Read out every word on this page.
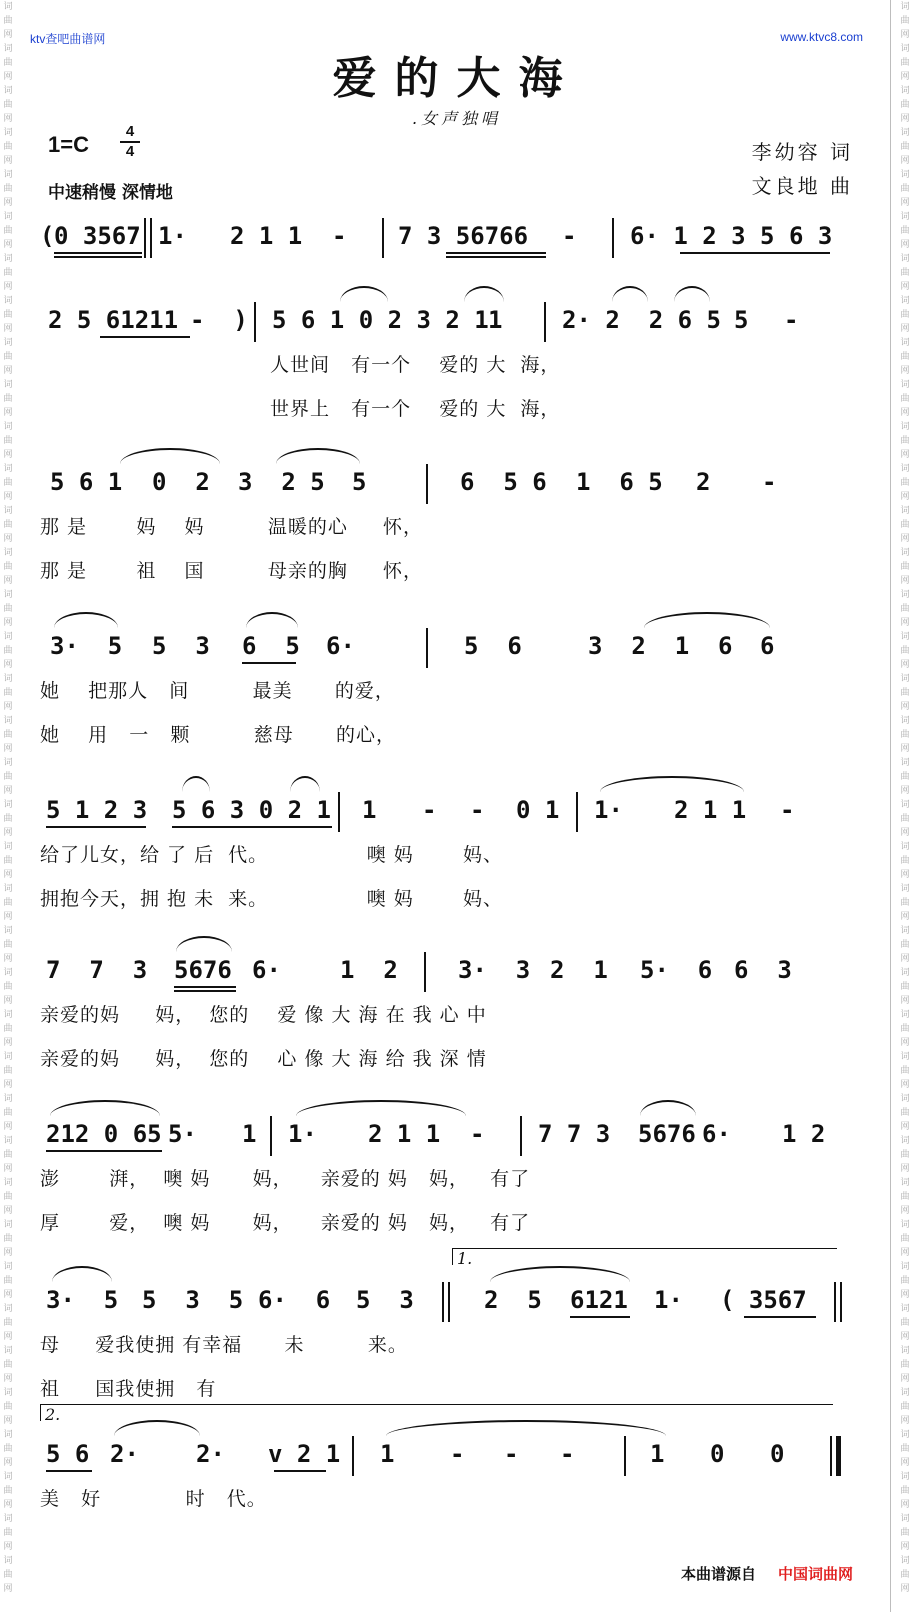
词曲网词曲网词曲网词曲网词曲网词曲网词曲网词曲网词曲网词曲网词曲网词曲网词曲网词曲网词曲网词曲网词曲网词曲网词曲网词曲网词曲网词曲网词曲网词曲网词曲网词曲网词曲网词曲网词曲网词曲网词曲网词曲网词曲网词曲网词曲网词曲网词曲网词曲网
词曲网词曲网词曲网词曲网词曲网词曲网词曲网词曲网词曲网词曲网词曲网词曲网词曲网词曲网词曲网词曲网词曲网词曲网词曲网词曲网词曲网词曲网词曲网词曲网词曲网词曲网词曲网词曲网词曲网词曲网词曲网词曲网词曲网词曲网词曲网词曲网词曲网词曲网
ktv查吧曲谱网	www.ktvc8.com
爱的大海
.女声独唱
1=C
4
4
中速稍慢 深情地
李幼容 词
文良地 曲
( 0 3567 1· 2 1 1 - 7 3 56766 - 6· 1 2 3 5 6 3
2 5 61211 -  ) 5 6 1 0 2 3 2 1 1 2· 2  2 6 5 5 -
人世间   有一个    爱的 大  海，
世界上   有一个    爱的 大  海，
5 6 1 0  2 3  2 5 5	6  5 6 1  6 5 2 -
那 是       妈    妈         温暖的心     怀，
那 是       祖    国         母亲的胸     怀，
3·  5 5  3 6  5 6·	5  6	3  2  1  6 6
她    把那人   间         最美      的爱，
她    用   一   颗         慈母      的心，
5 1 2 3 5 6 3 0 2 1 1 - - 0 1 1· 2 1 1 -
给了儿女，给 了 后  代。              噢 妈       妈、
拥抱今天，拥 抱 未  来。              噢 妈       妈、
7  7  3 5676 6· 1  2	3·  3 2  1 5·  6 6  3
亲爱的妈     妈，  您的    爱 像 大 海 在 我 心 中
亲爱的妈     妈，  您的    心 像 大 海 给 我 深 情
212 0 65 5· 1 1· 2 1 1 - 7 7 3 5676 6· 1 2
澎       湃，  噢 妈      妈，    亲爱的 妈   妈，   有了
厚       爱，  噢 妈      妈，    亲爱的 妈   妈，   有了
1.
3·  5 5  3  5 6·  6 5  3	2  5 6121 1· ( 3567
母     爱我使拥 有幸福      未         来。
祖     国我使拥   有
2.
5 6 2· 2· v 2 1 1 - - -	1 0 0
美   好            时   代。
本曲谱源自 中国词曲网
